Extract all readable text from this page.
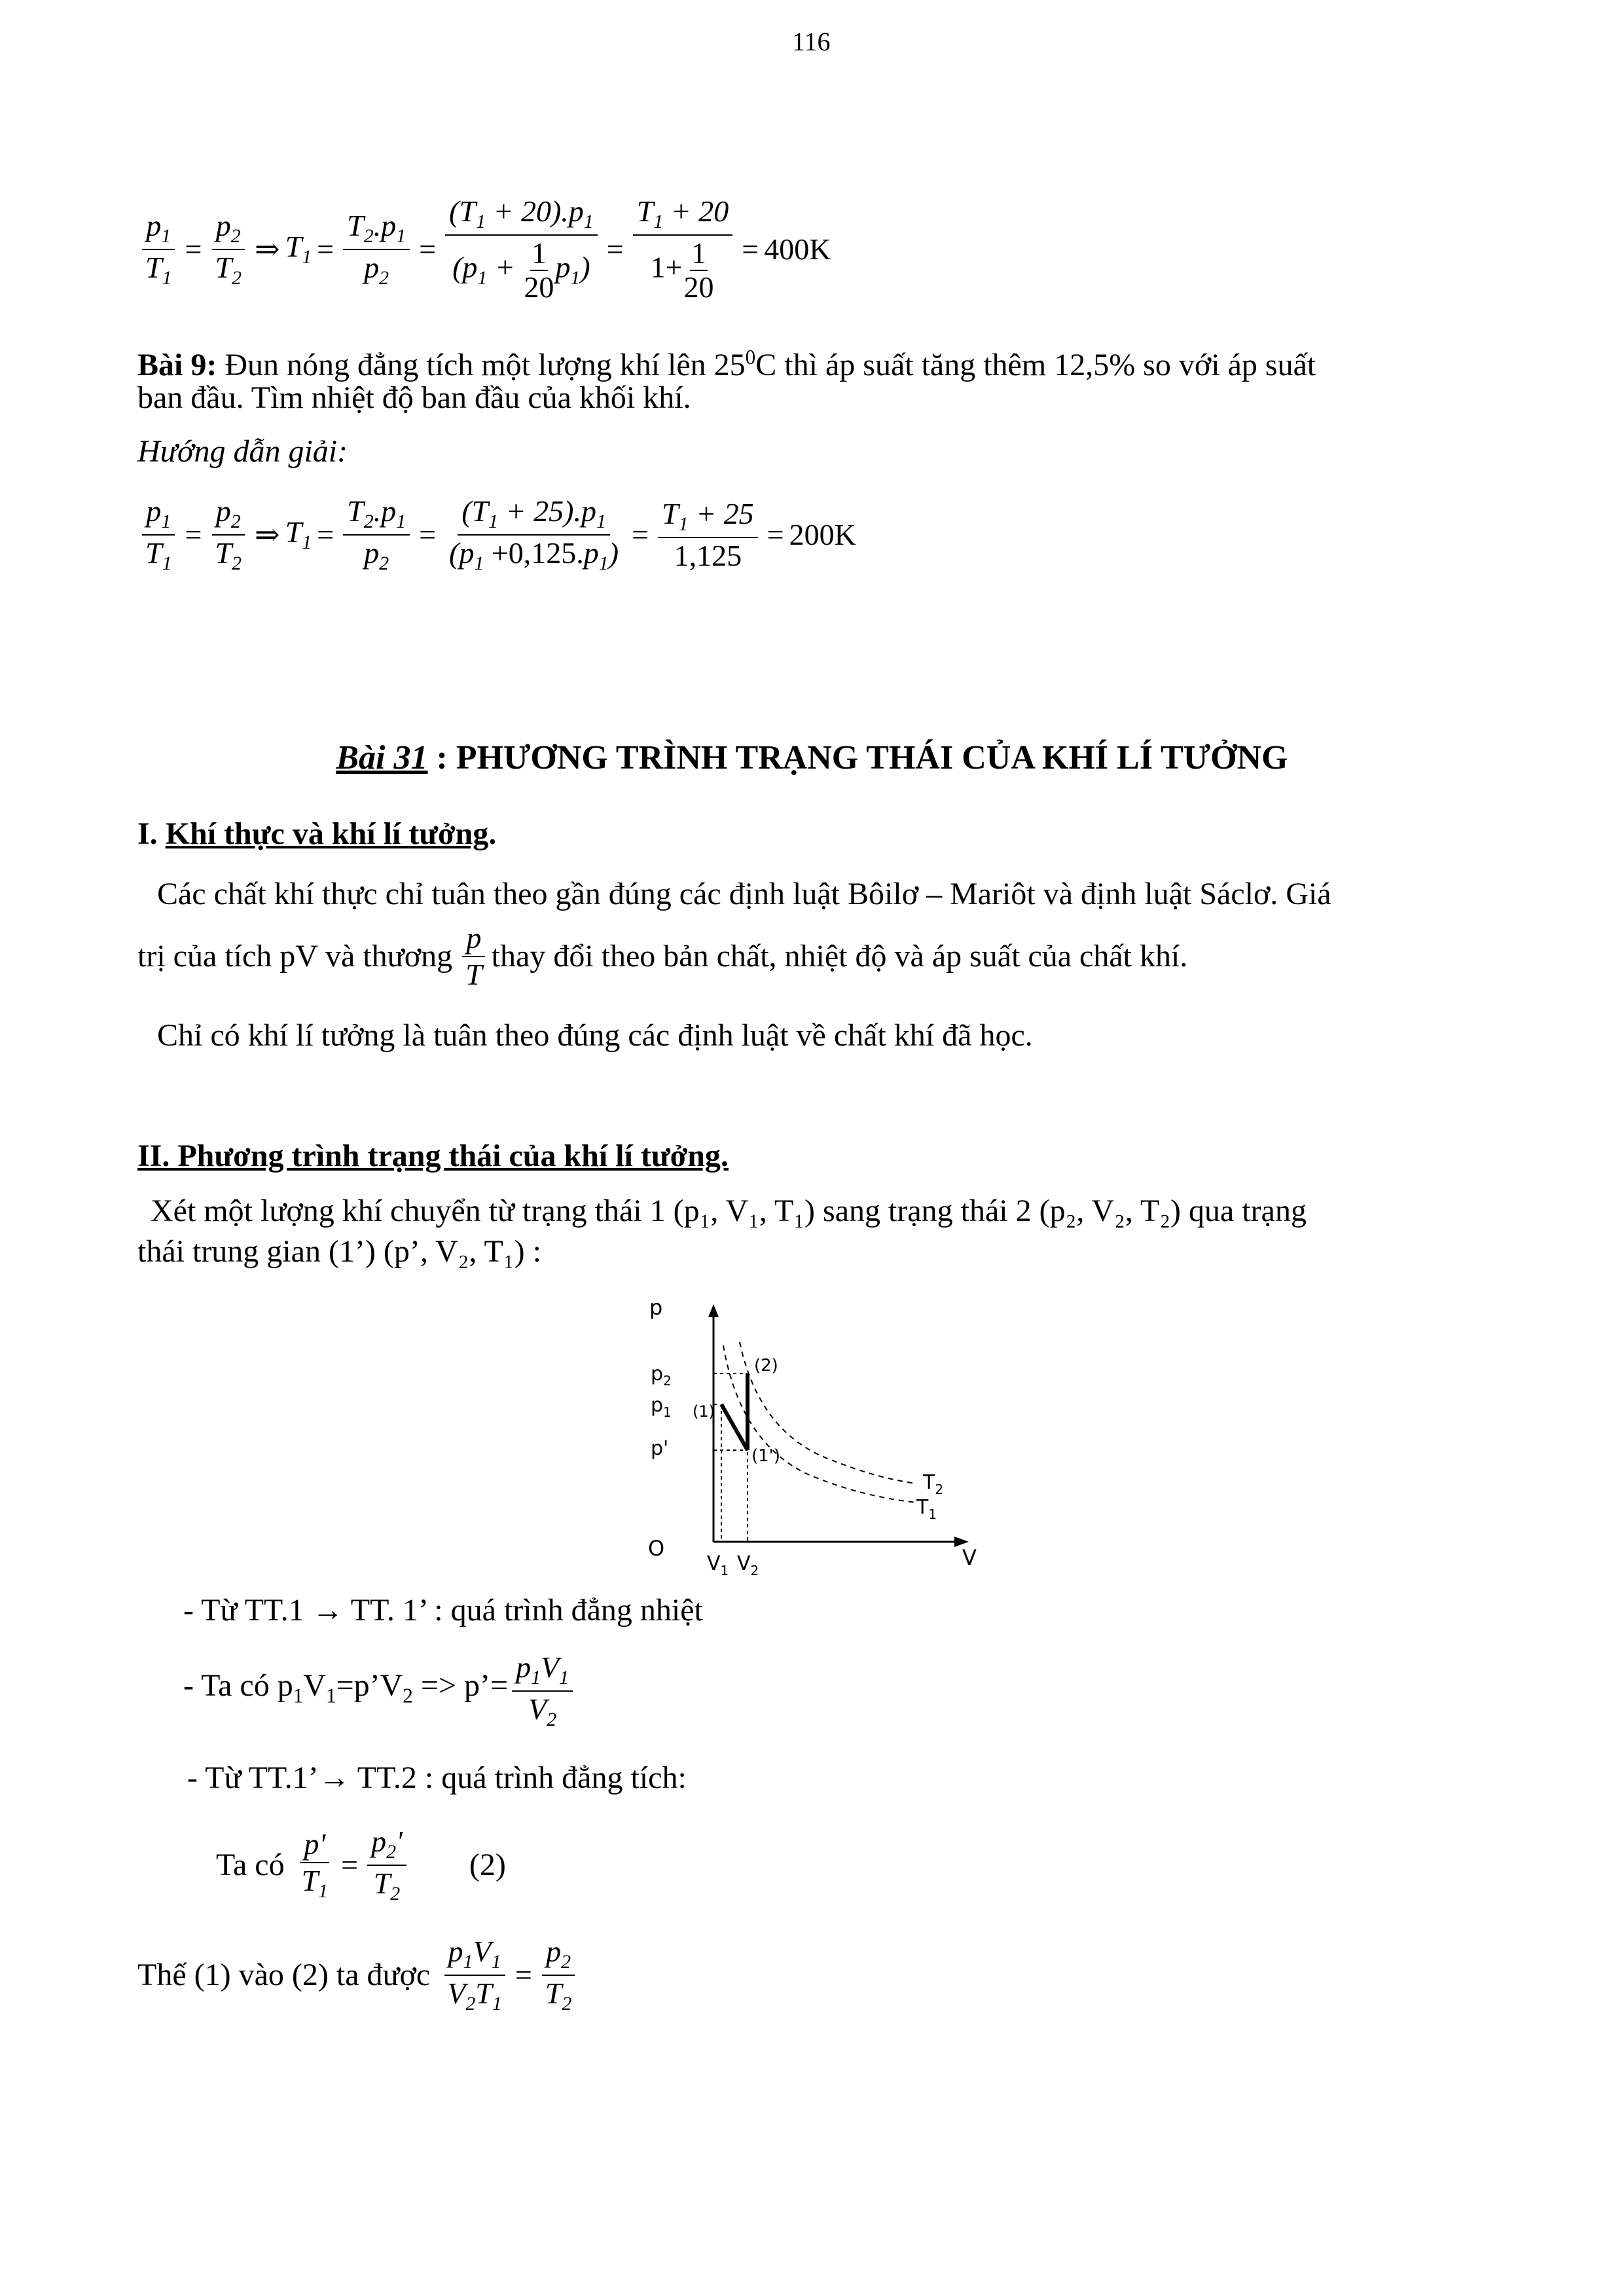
116
$\frac{p_1}{T_1} = \frac{p_2}{T_2}$ ⇒ $T_1 = \frac{T_2.p_1}{p_2} = \frac{(T_1 + 20).p_1}{(p_1 + \frac{1}{20} p_1)} = \frac{T_1 + 20}{1+ \frac{1}{20}} = 400K$
Bài 9: Đun nóng đẳng tích một lượng khí lên $25^0C$ thì áp suất tăng thêm 12,5% so với áp suất
ban đầu. Tìm nhiệt độ ban đầu của khối khí.
Hướng dẫn giải:
$\frac{p_1}{T_1} = \frac{p_2}{T_2}$ ⇒ $T_1 = \frac{T_2.p_1}{p_2} = \frac{(T_1 + 25).p_1}{(p_1 +0,125.p_1)} = \frac{T_1 + 25}{1,125} = 200K$
Bài 31 : PHƯƠNG TRÌNH TRẠNG THÁI CỦA KHÍ LÍ TƯỞNG
I. Khí thực và khí lí tưởng.
Các chất khí thực chỉ tuân theo gần đúng các định luật Bôilơ – Mariôt và định luật Sáclơ. Giá
trị của tích pV và thương $\frac{p}{T}$ thay đổi theo bản chất, nhiệt độ và áp suất của chất khí.
Chỉ có khí lí tưởng là tuân theo đúng các định luật về chất khí đã học.
II. Phương trình trạng thái của khí lí tưởng.
Xét một lượng khí chuyển từ trạng thái 1 (p₁, V₁, T₁) sang trạng thái 2 (p₂, V₂, T₂) qua trạng
thái trung gian (1’) (p’, V₂, T₁) :
p
V
O
$p_2$
$p_1$
p'
$V_1$ $V_2$
(2)
(1)
(1')
$T_2$
$T_1$
- Từ TT.1 → TT. 1’ : quá trình đẳng nhiệt
- Ta có $p_1V_1=p’V_2$ => p’= $\frac{p_1V_1}{V_2}$
- Từ TT.1’→ TT.2 : quá trình đẳng tích:
Ta có $\frac{p'}{T_1} = \frac{p_2'}{T_2} (2)$
Thế (1) vào (2) ta được $\frac{p_1V_1}{V_2T_1} = \frac{p_2}{T_2}$
